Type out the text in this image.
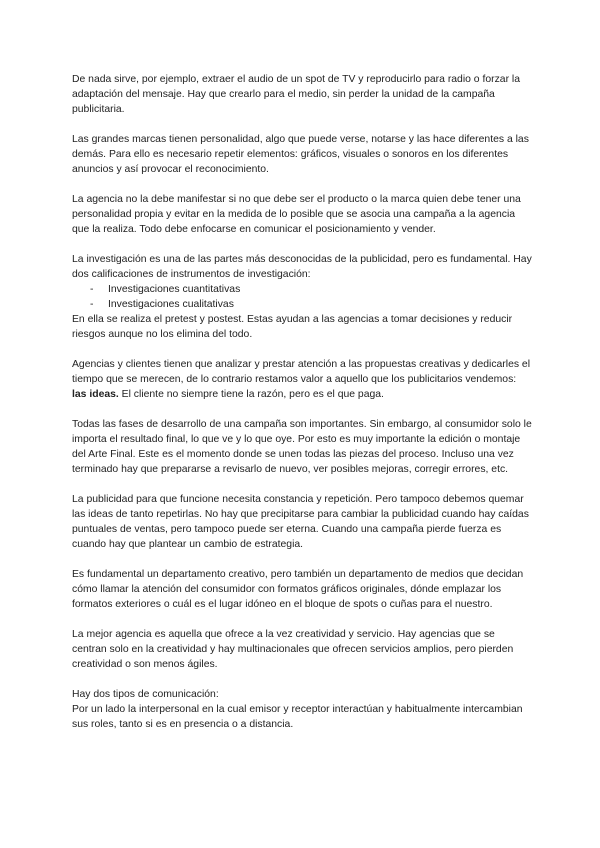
De nada sirve, por ejemplo, extraer el audio de un spot de TV y reproducirlo para radio o forzar la adaptación del mensaje. Hay que crearlo para el medio, sin perder la unidad de la campaña publicitaria.

Las grandes marcas tienen personalidad, algo que puede verse, notarse y las hace diferentes a las demás. Para ello es necesario repetir elementos: gráficos, visuales o sonoros en los diferentes anuncios y así provocar el reconocimiento.

La agencia no la debe manifestar si no que debe ser el producto o la marca quien debe tener una personalidad propia y evitar en la medida de lo posible que se asocia una campaña a la agencia que la realiza. Todo debe enfocarse en comunicar el posicionamiento y vender.

La investigación es una de las partes más desconocidas de la publicidad, pero es fundamental. Hay dos calificaciones de instrumentos de investigación:
- Investigaciones cuantitativas
- Investigaciones cualitativas
En ella se realiza el pretest y postest. Estas ayudan a las agencias a tomar decisiones y reducir riesgos aunque no los elimina del todo.

Agencias y clientes tienen que analizar y prestar atención a las propuestas creativas y dedicarles el tiempo que se merecen, de lo contrario restamos valor a aquello que los publicitarios vendemos: las ideas. El cliente no siempre tiene la razón, pero es el que paga.

Todas las fases de desarrollo de una campaña son importantes. Sin embargo, al consumidor solo le importa el resultado final, lo que ve y lo que oye. Por esto es muy importante la edición o montaje del Arte Final. Este es el momento donde se unen todas las piezas del proceso. Incluso una vez terminado hay que prepararse a revisarlo de nuevo, ver posibles mejoras, corregir errores, etc.

La publicidad para que funcione necesita constancia y repetición. Pero tampoco debemos quemar las ideas de tanto repetirlas. No hay que precipitarse para cambiar la publicidad cuando hay caídas puntuales de ventas, pero tampoco puede ser eterna. Cuando una campaña pierde fuerza es cuando hay que plantear un cambio de estrategia.

Es fundamental un departamento creativo, pero también un departamento de medios que decidan cómo llamar la atención del consumidor con formatos gráficos originales, dónde emplazar los formatos exteriores o cuál es el lugar idóneo en el bloque de spots o cuñas para el nuestro.

La mejor agencia es aquella que ofrece a la vez creatividad y servicio. Hay agencias que se centran solo en la creatividad y hay multinacionales que ofrecen servicios amplios, pero pierden creatividad o son menos ágiles.

Hay dos tipos de comunicación:
Por un lado la interpersonal en la cual emisor y receptor interactúan y habitualmente intercambian sus roles, tanto si es en presencia o a distancia.
